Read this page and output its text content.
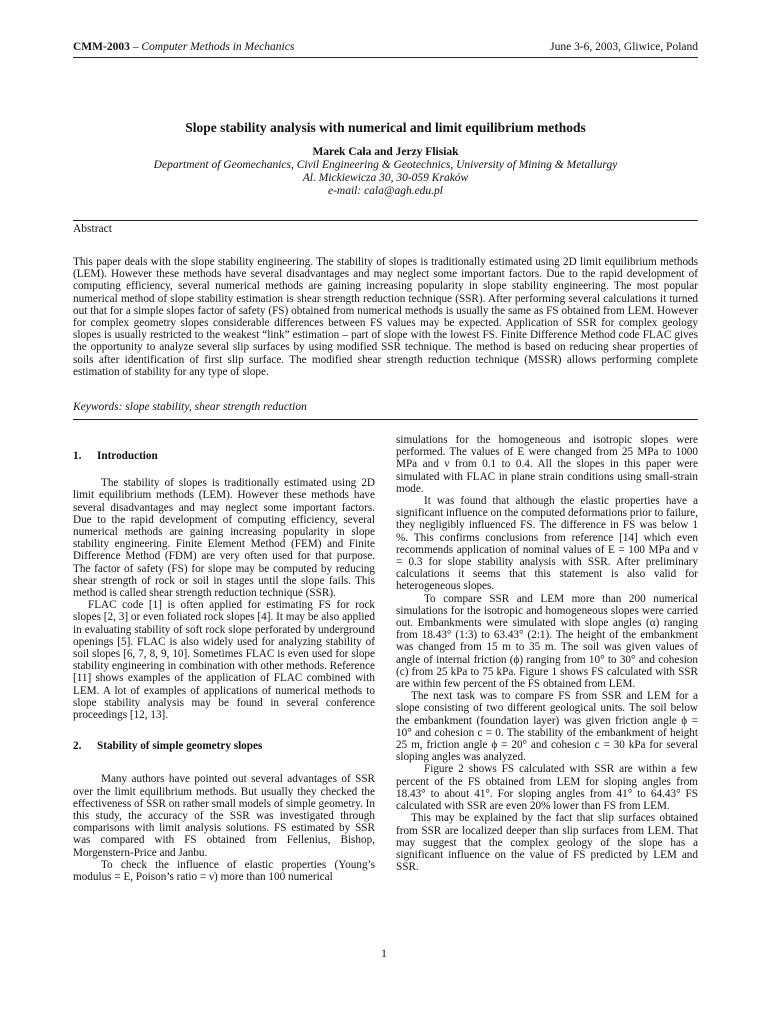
CMM-2003 – Computer Methods in Mechanics	June 3-6, 2003, Gliwice, Poland
Slope stability analysis with numerical and limit equilibrium methods
Marek Cała and Jerzy Flisiak
Department of Geomechanics, Civil Engineering & Geotechnics, University of Mining & Metallurgy
Al. Mickiewicza 30, 30-059 Kraków
e-mail: cala@agh.edu.pl
Abstract
This paper deals with the slope stability engineering. The stability of slopes is traditionally estimated using 2D limit equilibrium methods (LEM). However these methods have several disadvantages and may neglect some important factors. Due to the rapid development of computing efficiency, several numerical methods are gaining increasing popularity in slope stability engineering. The most popular numerical method of slope stability estimation is shear strength reduction technique (SSR). After performing several calculations it turned out that for a simple slopes factor of safety (FS) obtained from numerical methods is usually the same as FS obtained from LEM. However for complex geometry slopes considerable differences between FS values may be expected. Application of SSR for complex geology slopes is usually restricted to the weakest “link” estimation – part of slope with the lowest FS. Finite Difference Method code FLAC gives the opportunity to analyze several slip surfaces by using modified SSR technique. The method is based on reducing shear properties of soils after identification of first slip surface. The modified shear strength reduction technique (MSSR) allows performing complete estimation of stability for any type of slope.
Keywords: slope stability, shear strength reduction
1. Introduction

The stability of slopes is traditionally estimated using 2D limit equilibrium methods (LEM). However these methods have several disadvantages and may neglect some important factors. Due to the rapid development of computing efficiency, several numerical methods are gaining increasing popularity in slope stability engineering. Finite Element Method (FEM) and Finite Difference Method (FDM) are very often used for that purpose. The factor of safety (FS) for slope may be computed by reducing shear strength of rock or soil in stages until the slope fails. This method is called shear strength reduction technique (SSR).

FLAC code [1] is often applied for estimating FS for rock slopes [2, 3] or even foliated rock slopes [4]. It may be also applied in evaluating stability of soft rock slope perforated by underground openings [5]. FLAC is also widely used for analyzing stability of soil slopes [6, 7, 8, 9, 10]. Sometimes FLAC is even used for slope stability engineering in combination with other methods. Reference [11] shows examples of the application of FLAC combined with LEM. A lot of examples of applications of numerical methods to slope stability analysis may be found in several conference proceedings [12, 13].

2. Stability of simple geometry slopes

Many authors have pointed out several advantages of SSR over the limit equilibrium methods. But usually they checked the effectiveness of SSR on rather small models of simple geometry. In this study, the accuracy of the SSR was investigated through comparisons with limit analysis solutions. FS estimated by SSR was compared with FS obtained from Fellenius, Bishop, Morgenstern-Price and Janbu.

To check the influence of elastic properties (Young’s modulus = E, Poison’s ratio = ν) more than 100 numerical

simulations for the homogeneous and isotropic slopes were performed. The values of E were changed from 25 MPa to 1000 MPa and ν from 0.1 to 0.4. All the slopes in this paper were simulated with FLAC in plane strain conditions using small-strain mode.

It was found that although the elastic properties have a significant influence on the computed deformations prior to failure, they negligibly influenced FS. The difference in FS was below 1 %. This confirms conclusions from reference [14] which even recommends application of nominal values of E = 100 MPa and ν = 0.3 for slope stability analysis with SSR. After preliminary calculations it seems that this statement is also valid for heterogeneous slopes.

To compare SSR and LEM more than 200 numerical simulations for the isotropic and homogeneous slopes were carried out. Embankments were simulated with slope angles (α) ranging from 18.43° (1:3) to 63.43° (2:1). The height of the embankment was changed from 15 m to 35 m. The soil was given values of angle of internal friction (ϕ) ranging from 10° to 30° and cohesion (c) from 25 kPa to 75 kPa. Figure 1 shows FS calculated with SSR are within few percent of the FS obtained from LEM.

The next task was to compare FS from SSR and LEM for a slope consisting of two different geological units. The soil below the embankment (foundation layer) was given friction angle ϕ = 10° and cohesion c = 0. The stability of the embankment of height 25 m, friction angle ϕ = 20° and cohesion c = 30 kPa for several sloping angles was analyzed.

Figure 2 shows FS calculated with SSR are within a few percent of the FS obtained from LEM for sloping angles from 18.43° to about 41°. For sloping angles from 41° to 64.43° FS calculated with SSR are even 20% lower than FS from LEM.

This may be explained by the fact that slip surfaces obtained from SSR are localized deeper than slip surfaces from LEM. That may suggest that the complex geology of the slope has a significant influence on the value of FS predicted by LEM and SSR.

1
